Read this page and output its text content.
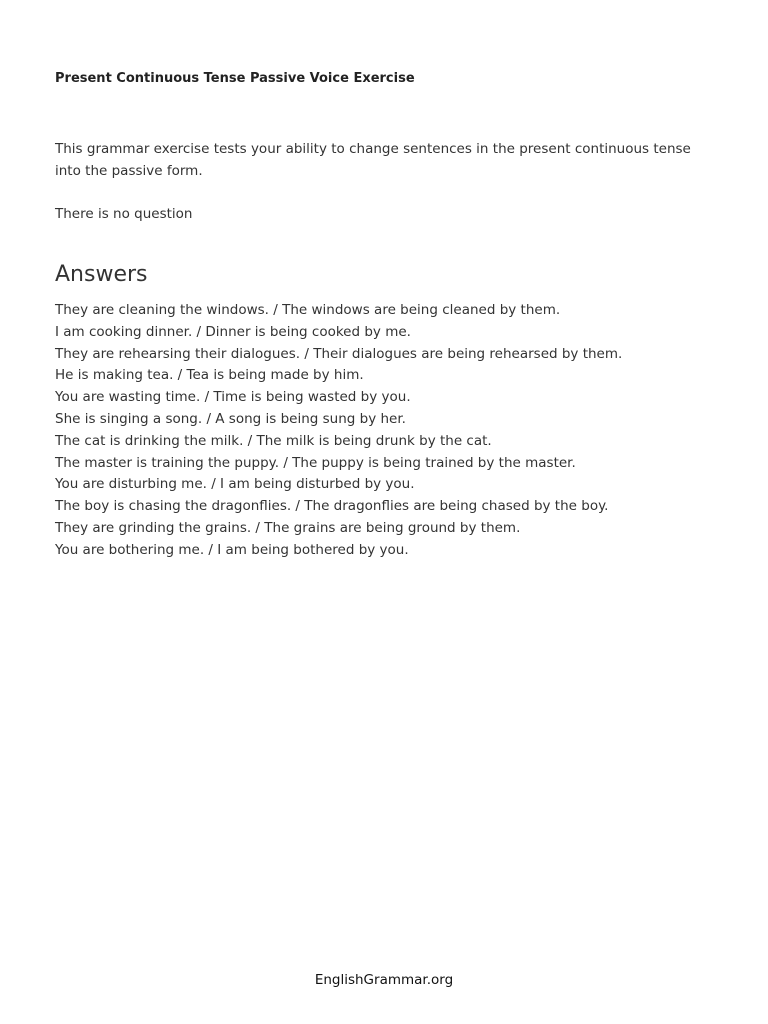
Present Continuous Tense Passive Voice Exercise

This grammar exercise tests your ability to change sentences in the present continuous tense into the passive form.

There is no question

Answers
They are cleaning the windows. / The windows are being cleaned by them.
I am cooking dinner. / Dinner is being cooked by me.
They are rehearsing their dialogues. / Their dialogues are being rehearsed by them.
He is making tea. / Tea is being made by him.
You are wasting time. / Time is being wasted by you.
She is singing a song. / A song is being sung by her.
The cat is drinking the milk. / The milk is being drunk by the cat.
The master is training the puppy. / The puppy is being trained by the master.
You are disturbing me. / I am being disturbed by you.
The boy is chasing the dragonflies. / The dragonflies are being chased by the boy.
They are grinding the grains. / The grains are being ground by them.
You are bothering me. / I am being bothered by you.

EnglishGrammar.org
